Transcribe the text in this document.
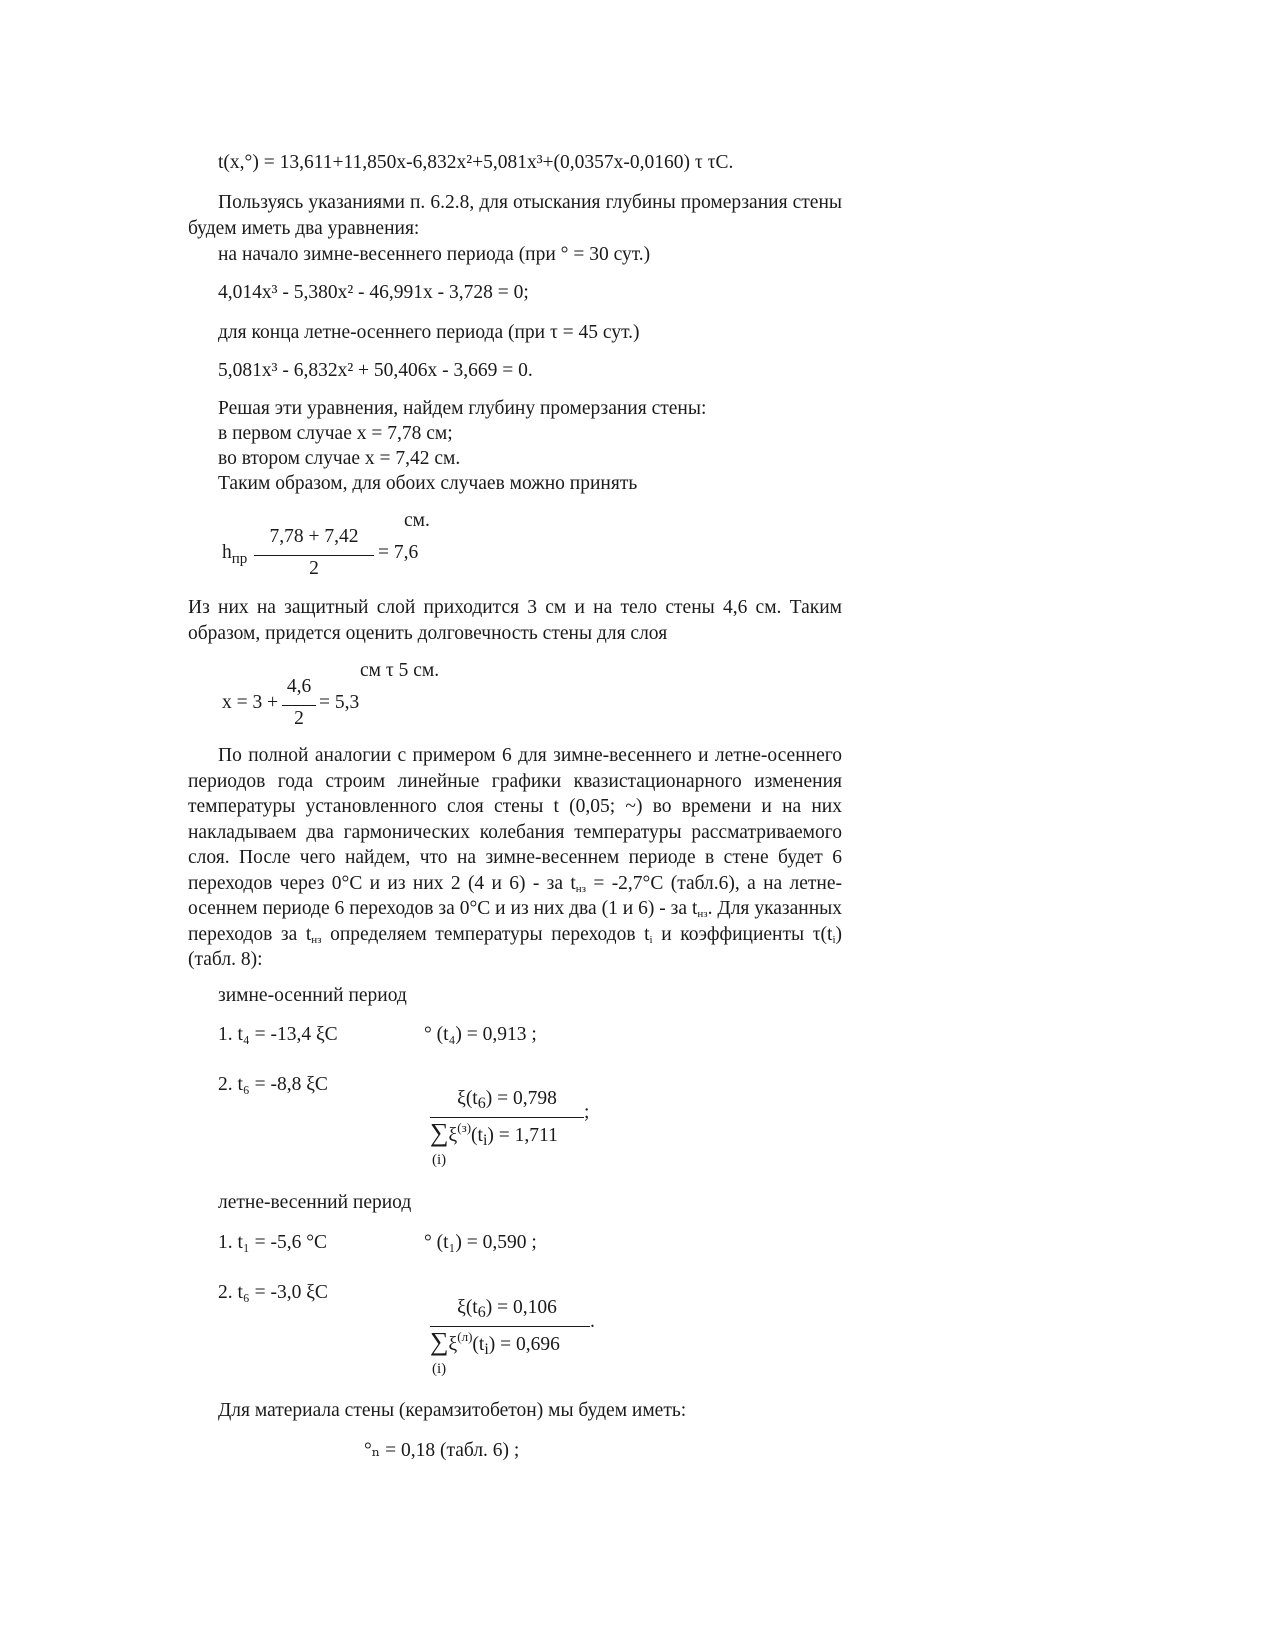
t(x,°) = 13,611+11,850x-6,832x²+5,081x³+(0,0357x-0,0160) τ τC.
Пользуясь указаниями п. 6.2.8, для отыскания глубины промерзания стены будем иметь два уравнения:
на начало зимне-весеннего периода (при ° = 30 сут.)
4,014x³ - 5,380x² - 46,991x - 3,728 = 0;
для конца летне-осеннего периода (при τ = 45 сут.)
5,081x³ - 6,832x² + 50,406x - 3,669 = 0.
Решая эти уравнения, найдем глубину промерзания стены:
в первом случае x = 7,78 см;
во втором случае x = 7,42 см.
Таким образом, для обоих случаев можно принять
см.
$h_{пр}$
7,78 + 7,42
2
= 7,6
Из них на защитный слой приходится 3 см и на тело стены 4,6 см. Таким образом, придется оценить долговечность стены для слоя
см τ 5 см.
x = 3 +
4,6
2
= 5,3
По полной аналогии с примером 6 для зимне-весеннего и летне-осеннего периодов года строим линейные графики квазистационарного изменения температуры установленного слоя стены t (0,05; ~) во времени и на них накладываем два гармонических колебания температуры рассматриваемого слоя. После чего найдем, что на зимне-весеннем периоде в стене будет 6 переходов через 0°С и из них 2 (4 и 6) - за $t_{нз} = -2,7^\circ С$ (табл.6), а на летне-осеннем периоде 6 переходов за 0°С и из них два (1 и 6) - за $t_{нз}$. Для указанных переходов за $t_{нз}$ определяем температуры переходов $t_i$ и коэффициенты $\tau(t_i)$ (табл. 8):
зимне-осенний период
1. t₄ = -13,4 ξC	° (t₄) = 0,913 ;
2. t₆ = -8,8 ξC
$\xi(t_6) = 0,798$
;
$\sum\xi^{(з)}(t_i) = 1,711$
(i)
летне-весенний период
1. t₁ = -5,6 °С	° (t₁) = 0,590 ;
2. t₆ = -3,0 ξC
$\xi(t_6) = 0,106$
.
$\sum\xi^{(л)}(t_i) = 0,696$
(i)
Для материала стены (керамзитобетон) мы будем иметь:
°ₙ = 0,18 (табл. 6) ;
